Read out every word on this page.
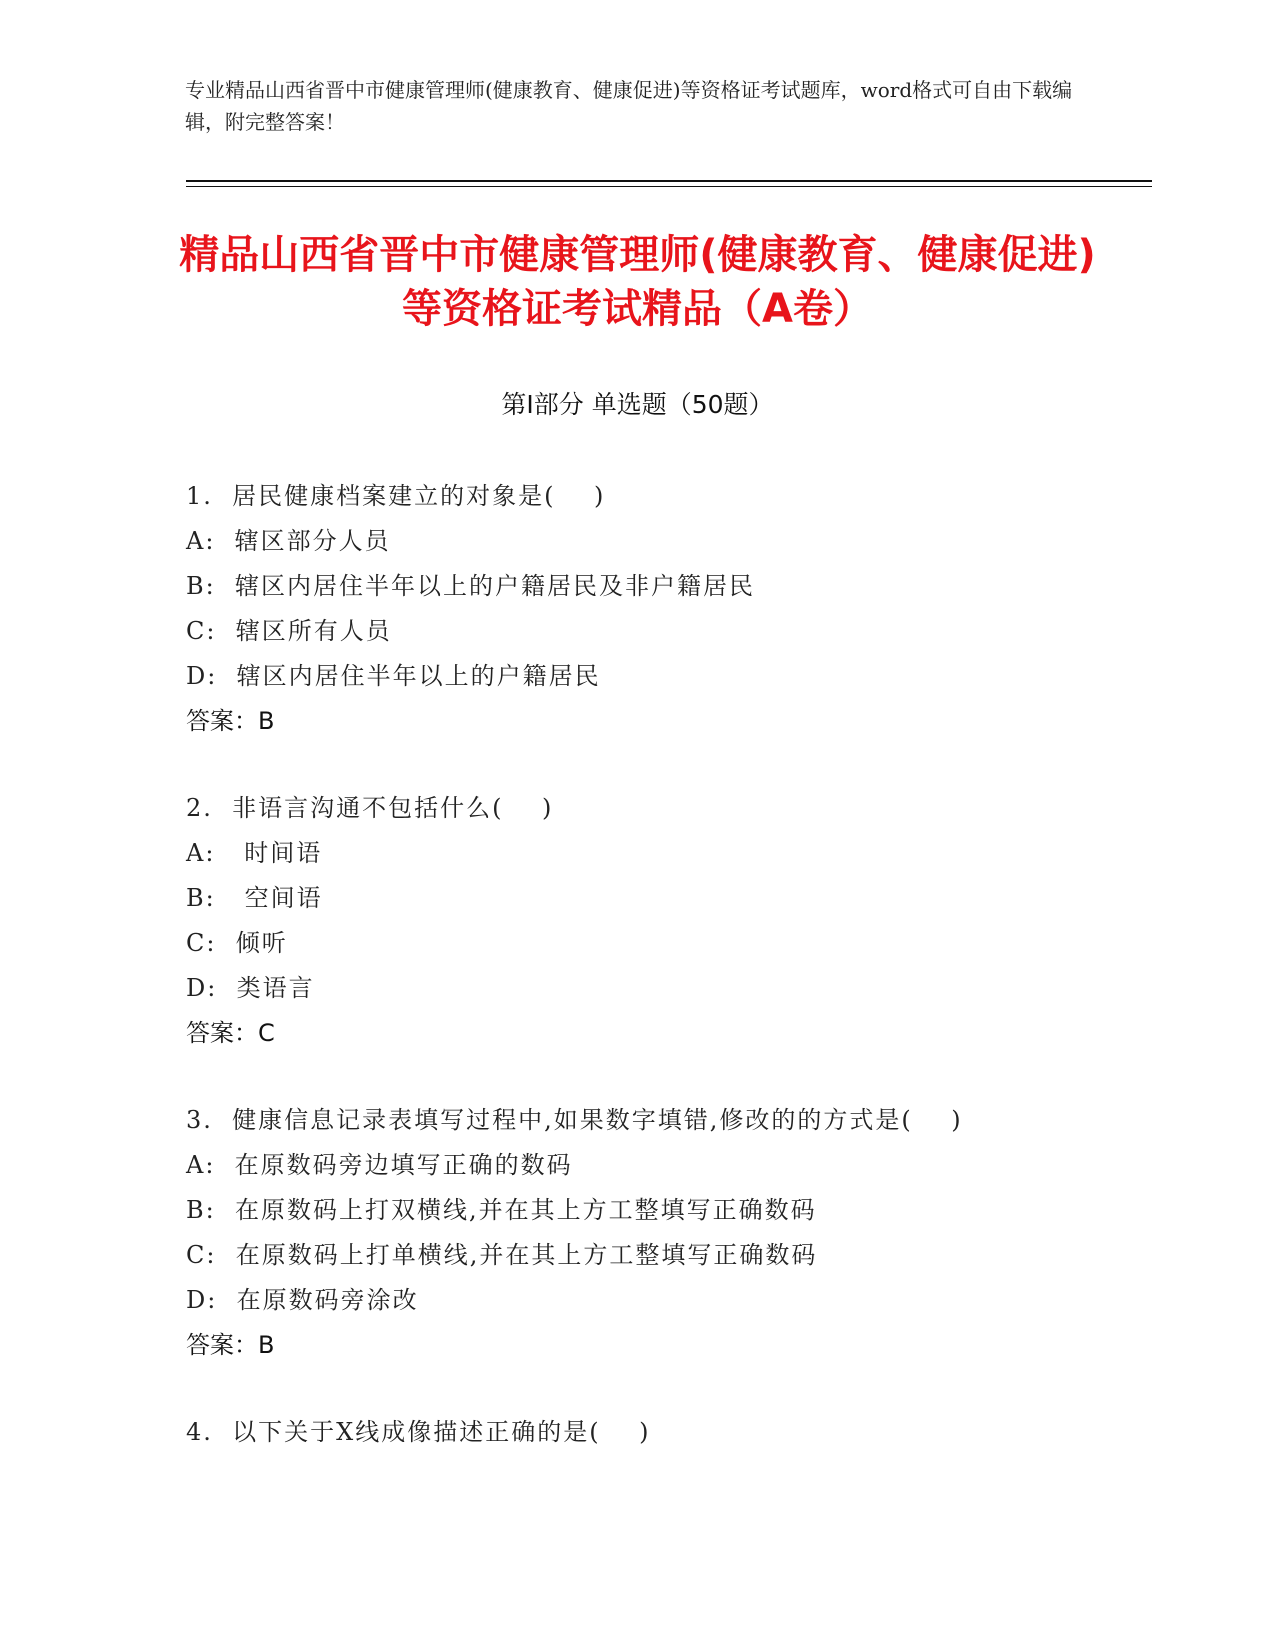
专业精品山西省晋中市健康管理师(健康教育、健康促进)等资格证考试题库，word格式可自由下载编辑，附完整答案！
精品山西省晋中市健康管理师(健康教育、健康促进)等资格证考试精品（A卷）
第Ⅰ部分 单选题（50题）
1.  居民健康档案建立的对象是(    )
A:  辖区部分人员
B:  辖区内居住半年以上的户籍居民及非户籍居民
C:  辖区所有人员
D:  辖区内居住半年以上的户籍居民
答案：B
2.  非语言沟通不包括什么(    )
A:   时间语
B:   空间语
C:  倾听
D:  类语言
答案：C
3.  健康信息记录表填写过程中,如果数字填错,修改的的方式是(    )
A:  在原数码旁边填写正确的数码
B:  在原数码上打双横线,并在其上方工整填写正确数码
C:  在原数码上打单横线,并在其上方工整填写正确数码
D:  在原数码旁涂改
答案：B
4.  以下关于X线成像描述正确的是(    )
